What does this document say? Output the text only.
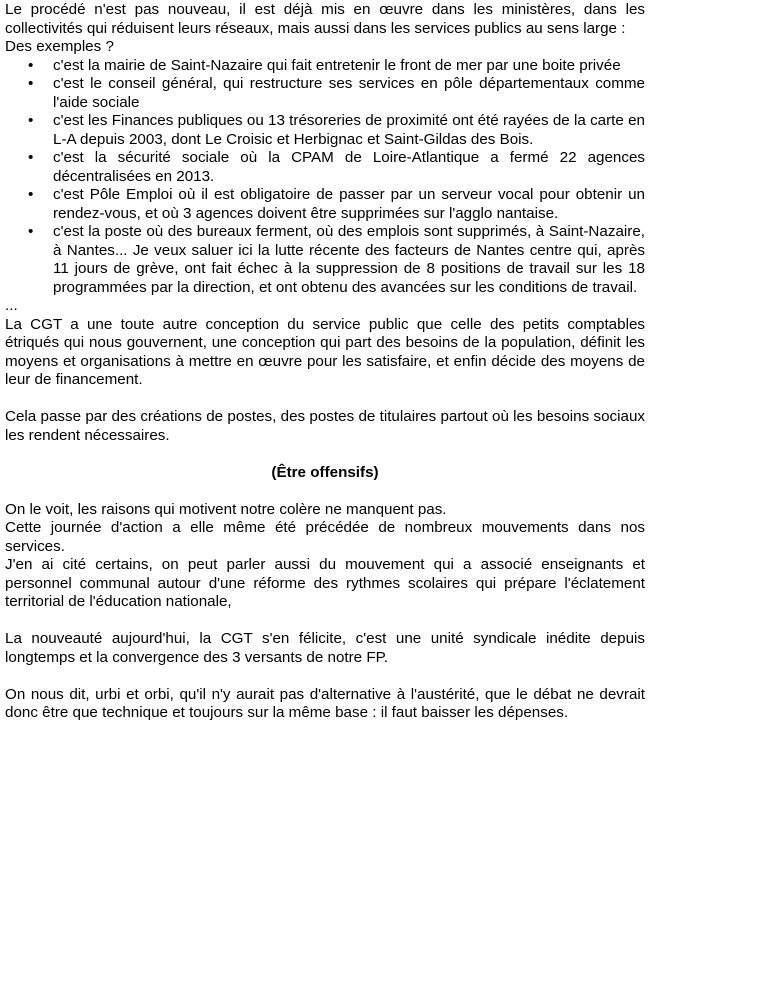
Le procédé n'est pas nouveau, il est déjà mis en œuvre dans les ministères, dans les collectivités qui réduisent leurs réseaux, mais aussi dans les services publics au sens large :

Des exemples ?

• c'est la mairie de Saint-Nazaire qui fait entretenir le front de mer par une boite privée
• c'est le conseil général, qui restructure ses services en pôle départementaux comme l'aide sociale
• c'est les Finances publiques ou 13 trésoreries de proximité ont été rayées de la carte en L-A depuis 2003, dont Le Croisic et Herbignac et Saint-Gildas des Bois.
• c'est la sécurité sociale où la CPAM de Loire-Atlantique a fermé 22 agences décentralisées en 2013.
• c'est Pôle Emploi où il est obligatoire de passer par un serveur vocal pour obtenir un rendez-vous, et où 3 agences doivent être supprimées sur l'agglo nantaise.
• c'est la poste où des bureaux ferment, où des emplois sont supprimés, à Saint-Nazaire, à Nantes... Je veux saluer ici la lutte récente des facteurs de Nantes centre qui, après 11 jours de grève, ont fait échec à la suppression de 8 positions de travail sur les 18 programmées par la direction, et ont obtenu des avancées sur les conditions de travail.

...

La CGT a une toute autre conception du service public que celle des petits comptables étriqués qui nous gouvernent, une conception qui part des besoins de la population, définit les moyens et organisations à mettre en œuvre pour les satisfaire, et enfin décide des moyens de leur de financement.

Cela passe par des créations de postes, des postes de titulaires partout où les besoins sociaux les rendent nécessaires.

(Être offensifs)

On le voit, les raisons qui motivent notre colère ne manquent pas.

Cette journée d'action a elle même été précédée de nombreux mouvements dans nos services.

J'en ai cité certains, on peut parler aussi du mouvement qui a associé enseignants et personnel communal autour d'une réforme des rythmes scolaires qui prépare l'éclatement territorial de l'éducation nationale,

La nouveauté aujourd'hui, la CGT s'en félicite, c'est une unité syndicale inédite depuis longtemps et la convergence des 3 versants de notre FP.

On nous dit, urbi et orbi, qu'il n'y aurait pas d'alternative à l'austérité, que le débat ne devrait donc être que technique et toujours sur la même base : il faut baisser les dépenses.
